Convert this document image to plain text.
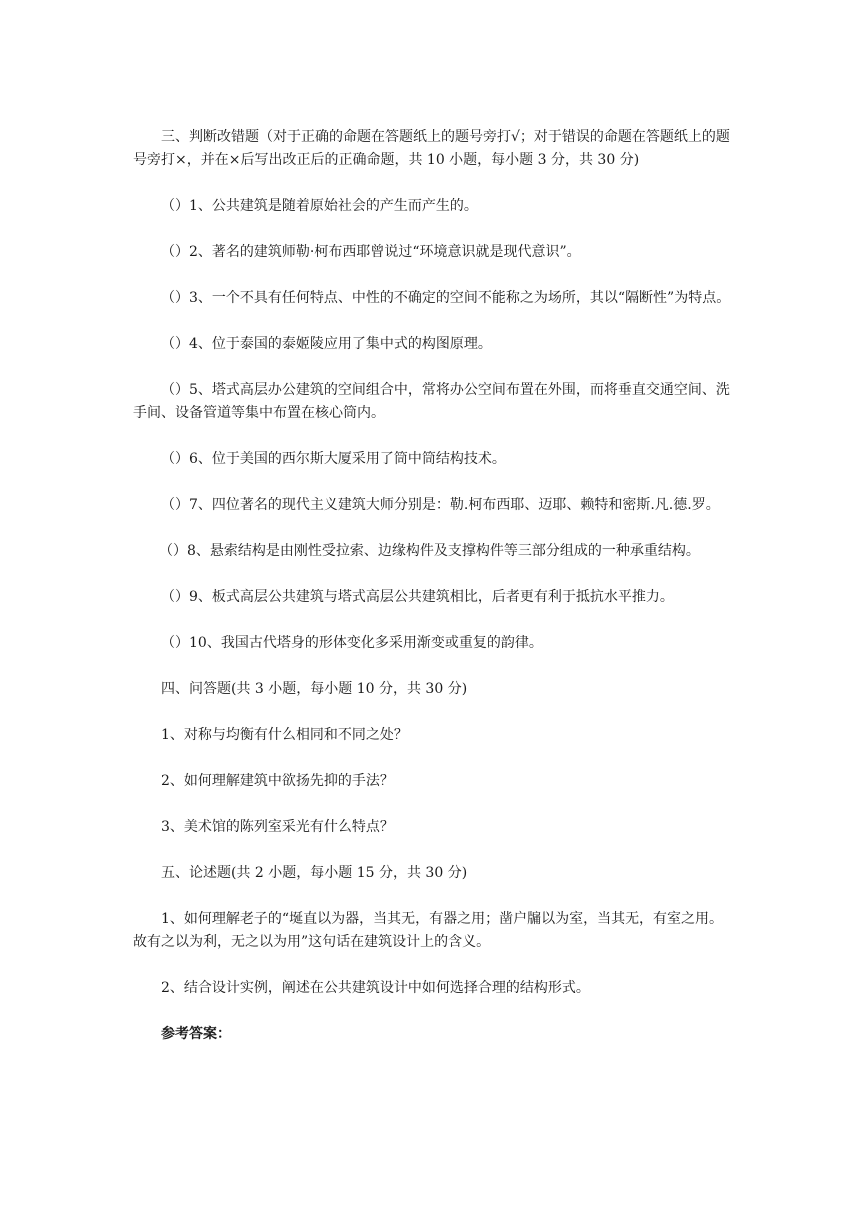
三、判断改错题（对于正确的命题在答题纸上的题号旁打√；对于错误的命题在答题纸上的题号旁打×，并在×后写出改正后的正确命题，共 10 小题，每小题 3 分，共 30 分)

（）1、公共建筑是随着原始社会的产生而产生的。

（）2、著名的建筑师勒·柯布西耶曾说过“环境意识就是现代意识”。

（）3、一个不具有任何特点、中性的不确定的空间不能称之为场所，其以“隔断性”为特点。

（）4、位于泰国的泰姬陵应用了集中式的构图原理。

（）5、塔式高层办公建筑的空间组合中，常将办公空间布置在外围，而将垂直交通空间、洗手间、设备管道等集中布置在核心筒内。

（）6、位于美国的西尔斯大厦采用了筒中筒结构技术。

（）7、四位著名的现代主义建筑大师分别是：勒.柯布西耶、迈耶、赖特和密斯.凡.德.罗。

（）8、悬索结构是由刚性受拉索、边缘构件及支撑构件等三部分组成的一种承重结构。

（）9、板式高层公共建筑与塔式高层公共建筑相比，后者更有利于抵抗水平推力。

（）10、我国古代塔身的形体变化多采用渐变或重复的韵律。

四、问答题(共 3 小题，每小题 10 分，共 30 分)

1、对称与均衡有什么相同和不同之处？

2、如何理解建筑中欲扬先抑的手法？

3、美术馆的陈列室采光有什么特点？

五、论述题(共 2 小题，每小题 15 分，共 30 分)

1、如何理解老子的“埏直以为器，当其无，有器之用；凿户牖以为室，当其无，有室之用。故有之以为利，无之以为用”这句话在建筑设计上的含义。

2、结合设计实例，阐述在公共建筑设计中如何选择合理的结构形式。

参考答案：
